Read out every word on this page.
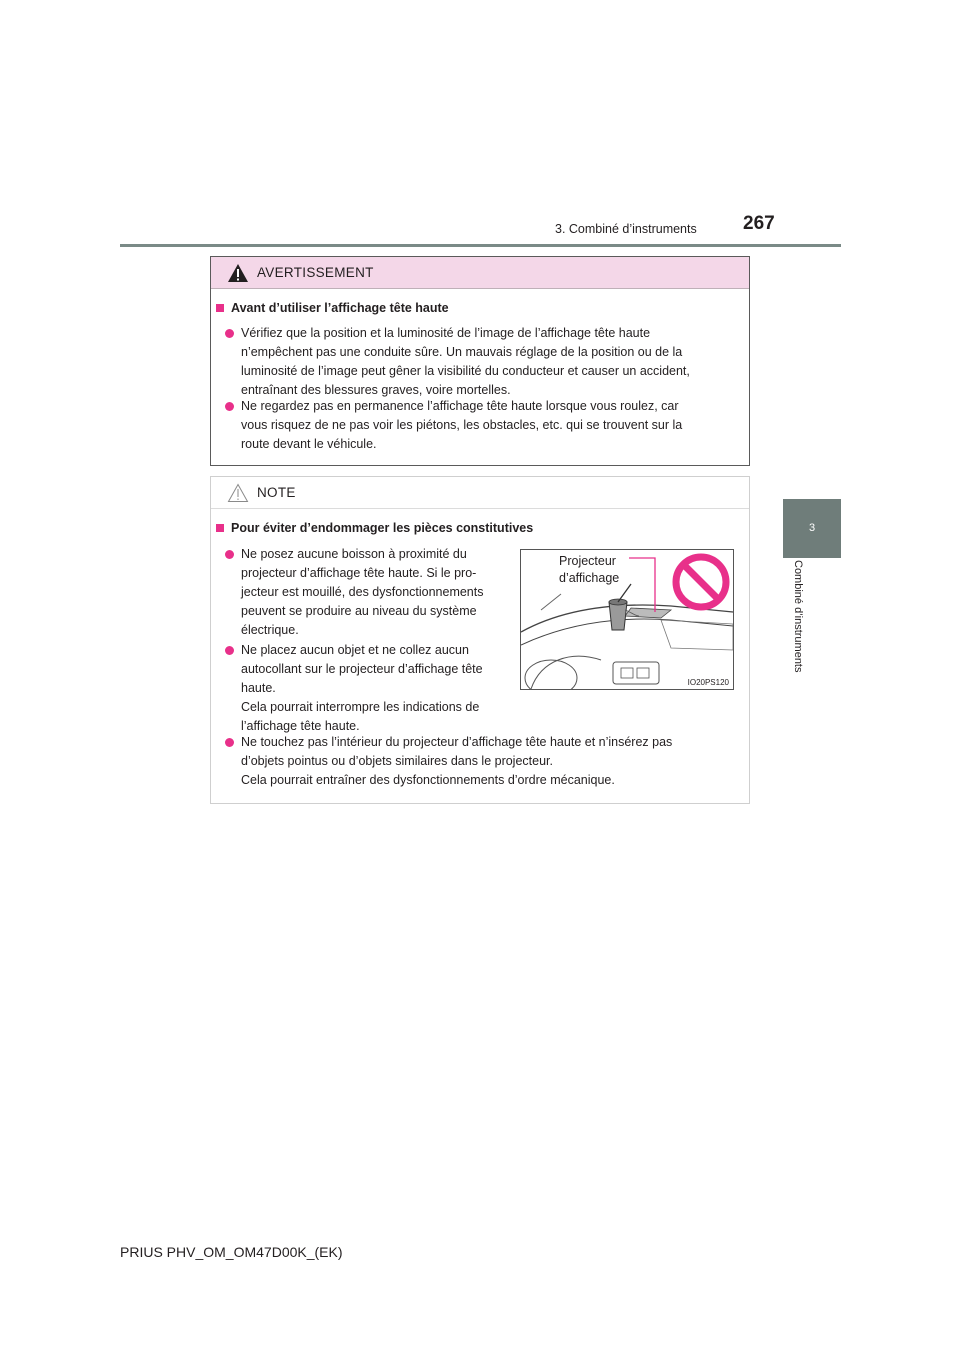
3. Combiné d’instruments 267
3
Combiné d’instruments
AVERTISSEMENT
Avant d’utiliser l’affichage tête haute
Vérifiez que la position et la luminosité de l’image de l’affichage tête haute
n’empêchent pas une conduite sûre. Un mauvais réglage de la position ou de la
luminosité de l’image peut gêner la visibilité du conducteur et causer un accident,
entraînant des blessures graves, voire mortelles.
Ne regardez pas en permanence l’affichage tête haute lorsque vous roulez, car
vous risquez de ne pas voir les piétons, les obstacles, etc. qui se trouvent sur la
route devant le véhicule.
NOTE
Pour éviter d’endommager les pièces constitutives
Ne posez aucune boisson à proximité du
projecteur d’affichage tête haute. Si le pro-
jecteur est mouillé, des dysfonctionnements
peuvent se produire au niveau du système
électrique.
Ne placez aucun objet et ne collez aucun
autocollant sur le projecteur d’affichage tête
haute.
Cela pourrait interrompre les indications de
l’affichage tête haute.
Ne touchez pas l’intérieur du projecteur d’affichage tête haute et n’insérez pas
d’objets pointus ou d’objets similaires dans le projecteur.
Cela pourrait entraîner des dysfonctionnements d’ordre mécanique.
Projecteur
d’affichage
IO20PS120
PRIUS PHV_OM_OM47D00K_(EK)
